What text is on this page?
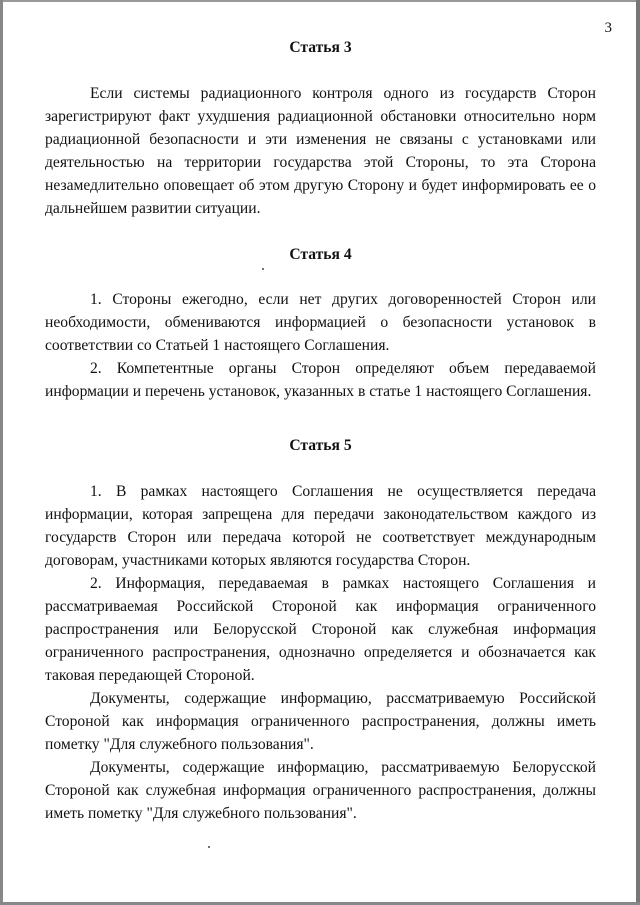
3

Статья 3

Если системы радиационного контроля одного из государств Сторон зарегистрируют факт ухудшения радиационной обстановки относительно норм радиационной безопасности и эти изменения не связаны с установками или деятельностью на территории государства этой Стороны, то эта Сторона незамедлительно оповещает об этом другую Сторону и будет информировать ее о дальнейшем развитии ситуации.

Статья 4

1. Стороны ежегодно, если нет других договоренностей Сторон или необходимости, обмениваются информацией о безопасности установок в соответствии со Статьей 1 настоящего Соглашения.

2. Компетентные органы Сторон определяют объем передаваемой информации и перечень установок, указанных в статье 1 настоящего Соглашения.

Статья 5

1. В рамках настоящего Соглашения не осуществляется передача информации, которая запрещена для передачи законодательством каждого из государств Сторон или передача которой не соответствует международным договорам, участниками которых являются государства Сторон.

2. Информация, передаваемая в рамках настоящего Соглашения и рассматриваемая Российской Стороной как информация ограниченного распространения или Белорусской Стороной как служебная информация ограниченного распространения, однозначно определяется и обозначается как таковая передающей Стороной.

Документы, содержащие информацию, рассматриваемую Российской Стороной как информация ограниченного распространения, должны иметь пометку "Для служебного пользования".

Документы, содержащие информацию, рассматриваемую Белорусской Стороной как служебная информация ограниченного распространения, должны иметь пометку "Для служебного пользования".
